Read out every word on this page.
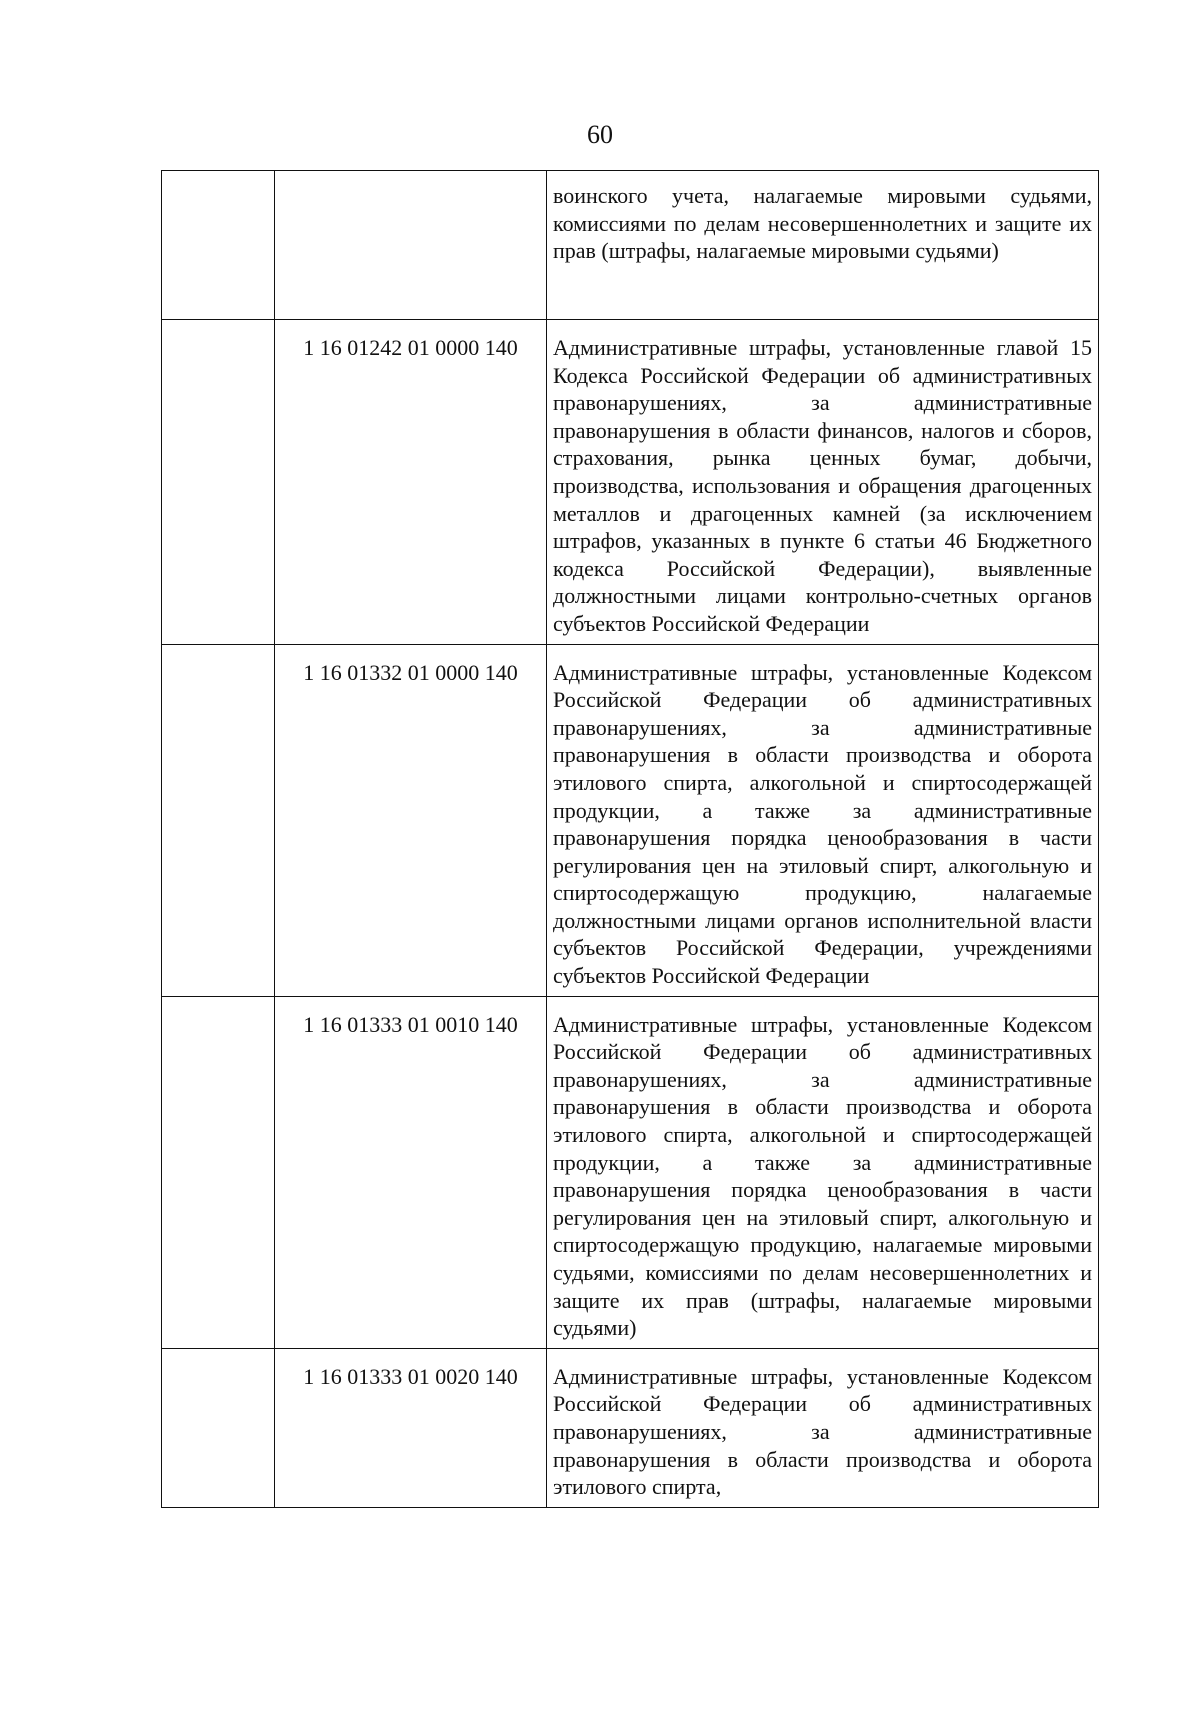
60
		воинского учета, налагаемые мировыми судьями, комиссиями по делам несовершеннолетних и защите их прав (штрафы, налагаемые мировыми судьями)
	1 16 01242 01 0000 140	Административные штрафы, установленные главой 15 Кодекса Российской Федерации об административных правонарушениях, за административные правонарушения в области финансов, налогов и сборов, страхования, рынка ценных бумаг, добычи, производства, использования и обращения драгоценных металлов и драгоценных камней (за исключением штрафов, указанных в пункте 6 статьи 46 Бюджетного кодекса Российской Федерации), выявленные должностными лицами контрольно-счетных органов субъектов Российской Федерации
	1 16 01332 01 0000 140	Административные штрафы, установленные Кодексом Российской Федерации об административных правонарушениях, за административные правонарушения в области производства и оборота этилового спирта, алкогольной и спиртосодержащей продукции, а также за административные правонарушения порядка ценообразования в части регулирования цен на этиловый спирт, алкогольную и спиртосодержащую продукцию, налагаемые должностными лицами органов исполнительной власти субъектов Российской Федерации, учреждениями субъектов Российской Федерации
	1 16 01333 01 0010 140	Административные штрафы, установленные Кодексом Российской Федерации об административных правонарушениях, за административные правонарушения в области производства и оборота этилового спирта, алкогольной и спиртосодержащей продукции, а также за административные правонарушения порядка ценообразования в части регулирования цен на этиловый спирт, алкогольную и спиртосодержащую продукцию, налагаемые мировыми судьями, комиссиями по делам несовершеннолетних и защите их прав (штрафы, налагаемые мировыми судьями)
	1 16 01333 01 0020 140	Административные штрафы, установленные Кодексом Российской Федерации об административных правонарушениях, за административные правонарушения в области производства и оборота этилового спирта,
